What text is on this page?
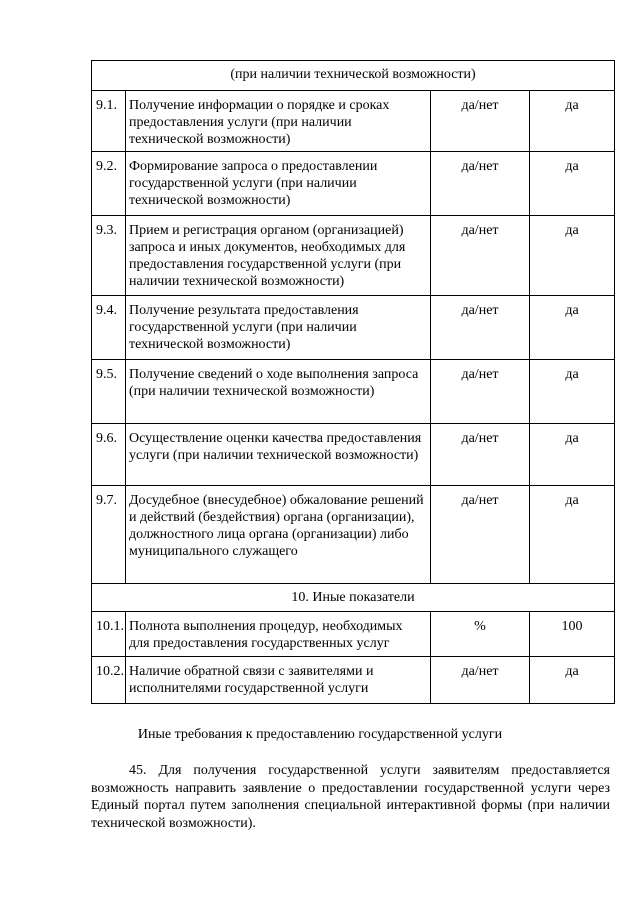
(при наличии технической возможности)			
9.1.	Получение информации о порядке и сроках предоставления услуги (при наличии технической возможности)	да/нет	да
9.2.	Формирование запроса о предоставлении государственной услуги (при наличии технической возможности)	да/нет	да
9.3.	Прием и регистрация органом (организацией) запроса и иных документов, необходимых для предоставления государственной услуги (при наличии технической возможности)	да/нет	да
9.4.	Получение результата предоставления государственной услуги (при наличии технической возможности)	да/нет	да
9.5.	Получение сведений о ходе выполнения запроса (при наличии технической возможности)	да/нет	да
9.6.	Осуществление оценки качества предоставления услуги (при наличии технической возможности)	да/нет	да
9.7.	Досудебное (внесудебное) обжалование решений и действий (бездействия) органа (организации), должностного лица органа (организации) либо муниципального служащего	да/нет	да
10. Иные показатели			
10.1.	Полнота выполнения процедур, необходимых для предоставления государственных услуг	%	100
10.2.	Наличие обратной связи с заявителями и исполнителями государственной услуги	да/нет	да
Иные требования к предоставлению государственной услуги

45. Для получения государственной услуги заявителям предоставляется возможность направить заявление о предоставлении государственной услуги через Единый портал путем заполнения специальной интерактивной формы (при наличии технической возможности).
